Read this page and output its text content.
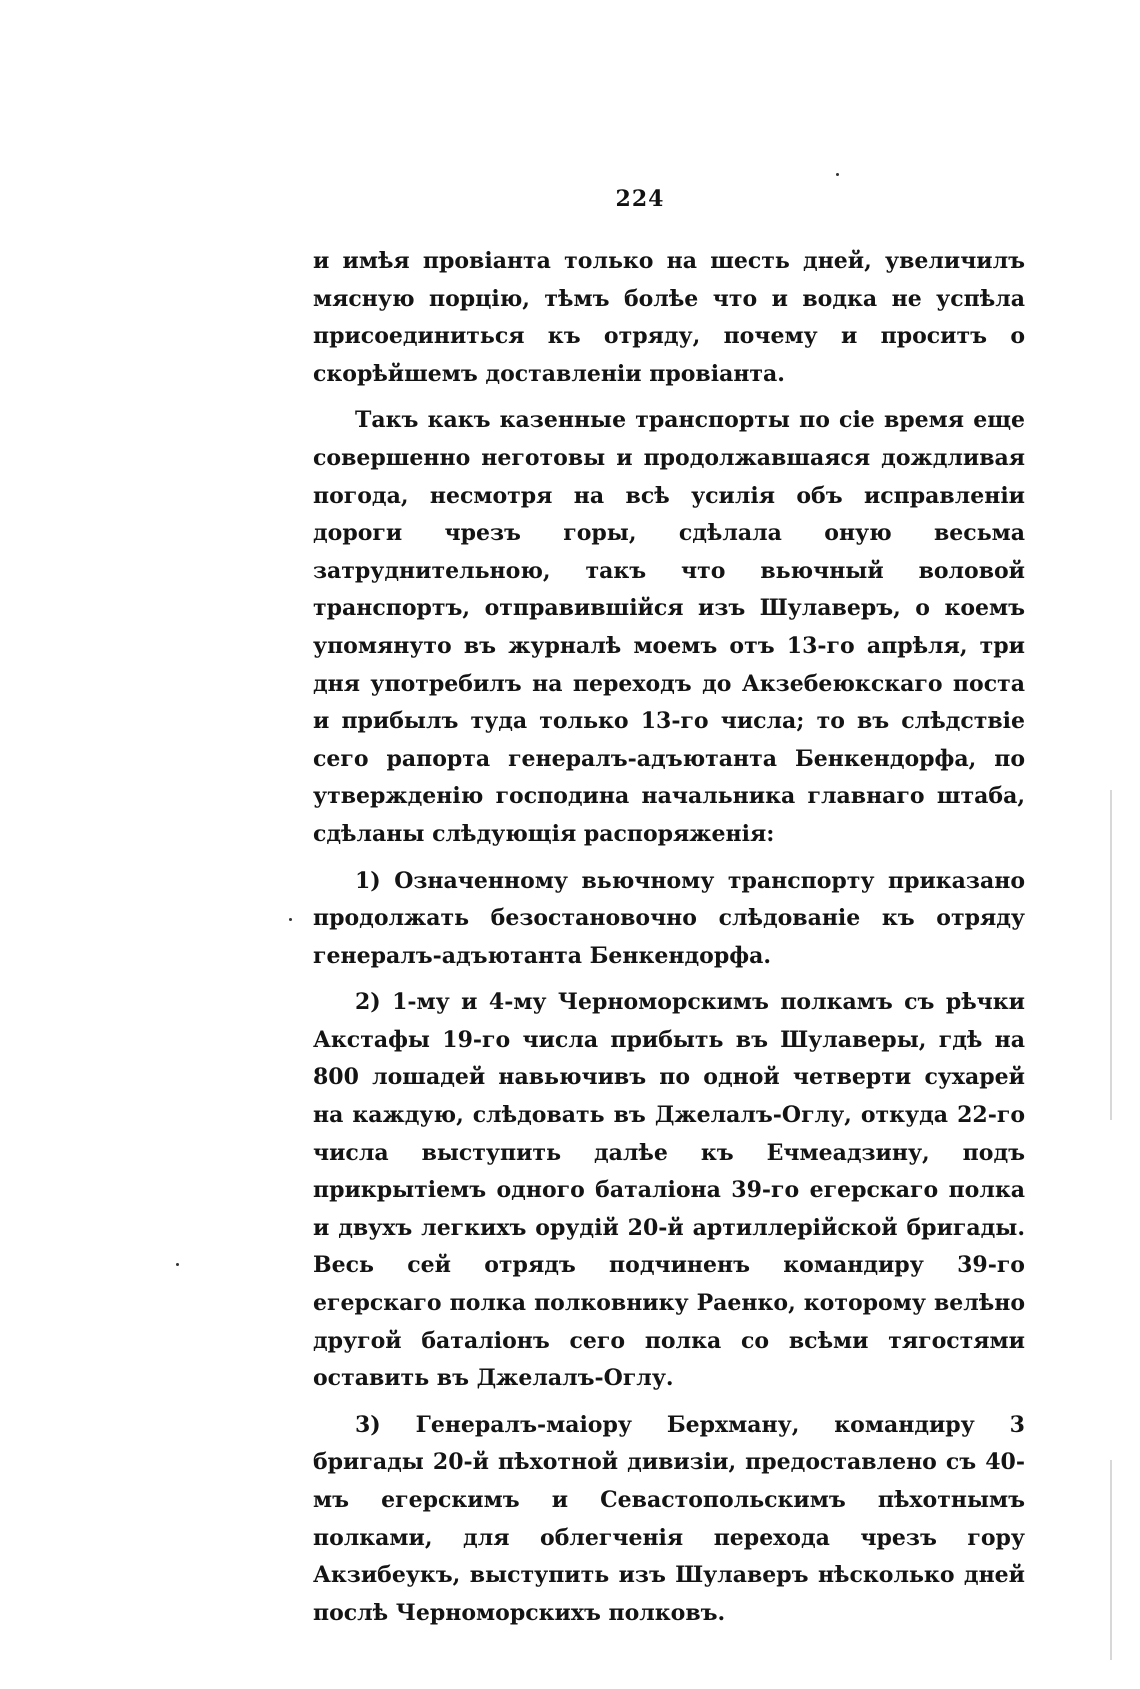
224

и имѣя провіанта только на шесть дней, увеличилъ мясную порцію, тѣмъ болѣе что и водка не успѣла присоединиться къ отряду, почему и проситъ о скорѣйшемъ доставленіи провіанта.

Такъ какъ казенные транспорты по сіе время еще совершенно неготовы и продолжавшаяся дождливая погода, несмотря на всѣ усилія объ исправленіи дороги чрезъ горы, сдѣлала оную весьма затруднительною, такъ что вьючный воловой транспортъ, отправившійся изъ Шулаверъ, о коемъ упомянуто въ журналѣ моемъ отъ 13-го апрѣля, три дня употребилъ на переходъ до Акзебеюкскаго поста и прибылъ туда только 13-го числа; то въ слѣдствіе сего рапорта генералъ-адъютанта Бенкендорфа, по утвержденію господина начальника главнаго штаба, сдѣланы слѣдующія распоряженія:

1) Означенному вьючному транспорту приказано продолжать безостановочно слѣдованіе къ отряду генералъ-адъютанта Бенкендорфа.

2) 1-му и 4-му Черноморскимъ полкамъ съ рѣчки Акстафы 19-го числа прибыть въ Шулаверы, гдѣ на 800 лошадей навьючивъ по одной четверти сухарей на каждую, слѣдовать въ Джелалъ-Оглу, откуда 22-го числа выступить далѣе къ Ечмеадзину, подъ прикрытіемъ одного баталіона 39-го егерскаго полка и двухъ легкихъ орудій 20-й артиллерійской бригады. Весь сей отрядъ подчиненъ командиру 39-го егерскаго полка полковнику Раенко, которому велѣно другой баталіонъ сего полка со всѣми тягостями оставить въ Джелалъ-Оглу.

3) Генералъ-маіору Берхману, командиру 3 бригады 20-й пѣхотной дивизіи, предоставлено съ 40-мъ егерскимъ и Севастопольскимъ пѣхотнымъ полками, для облегченія перехода чрезъ гору Акзибеукъ, выступить изъ Шулаверъ нѣсколько дней послѣ Черноморскихъ полковъ.
